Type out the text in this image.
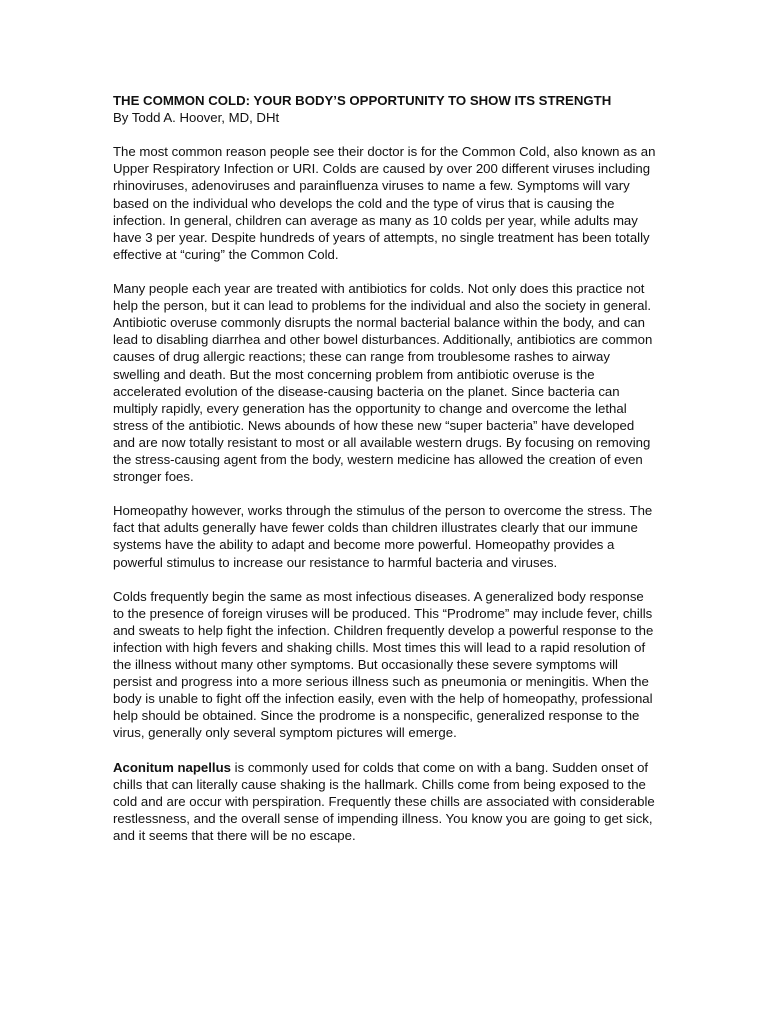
THE COMMON COLD: YOUR BODY’S OPPORTUNITY TO SHOW ITS STRENGTH

By Todd A. Hoover, MD, DHt

The most common reason people see their doctor is for the Common Cold, also known as an Upper Respiratory Infection or URI. Colds are caused by over 200 different viruses including rhinoviruses, adenoviruses and parainfluenza viruses to name a few. Symptoms will vary based on the individual who develops the cold and the type of virus that is causing the infection. In general, children can average as many as 10 colds per year, while adults may have 3 per year. Despite hundreds of years of attempts, no single treatment has been totally effective at “curing” the Common Cold.

Many people each year are treated with antibiotics for colds. Not only does this practice not help the person, but it can lead to problems for the individual and also the society in general. Antibiotic overuse commonly disrupts the normal bacterial balance within the body, and can lead to disabling diarrhea and other bowel disturbances. Additionally, antibiotics are common causes of drug allergic reactions; these can range from troublesome rashes to airway swelling and death. But the most concerning problem from antibiotic overuse is the accelerated evolution of the disease-causing bacteria on the planet. Since bacteria can multiply rapidly, every generation has the opportunity to change and overcome the lethal stress of the antibiotic. News abounds of how these new “super bacteria” have developed and are now totally resistant to most or all available western drugs. By focusing on removing the stress-causing agent from the body, western medicine has allowed the creation of even stronger foes.

Homeopathy however, works through the stimulus of the person to overcome the stress. The fact that adults generally have fewer colds than children illustrates clearly that our immune systems have the ability to adapt and become more powerful. Homeopathy provides a powerful stimulus to increase our resistance to harmful bacteria and viruses.

Colds frequently begin the same as most infectious diseases. A generalized body response to the presence of foreign viruses will be produced. This “Prodrome” may include fever, chills and sweats to help fight the infection. Children frequently develop a powerful response to the infection with high fevers and shaking chills. Most times this will lead to a rapid resolution of the illness without many other symptoms. But occasionally these severe symptoms will persist and progress into a more serious illness such as pneumonia or meningitis. When the body is unable to fight off the infection easily, even with the help of homeopathy, professional help should be obtained. Since the prodrome is a nonspecific, generalized response to the virus, generally only several symptom pictures will emerge.

Aconitum napellus is commonly used for colds that come on with a bang. Sudden onset of chills that can literally cause shaking is the hallmark. Chills come from being exposed to the cold and are occur with perspiration. Frequently these chills are associated with considerable restlessness, and the overall sense of impending illness. You know you are going to get sick, and it seems that there will be no escape.
